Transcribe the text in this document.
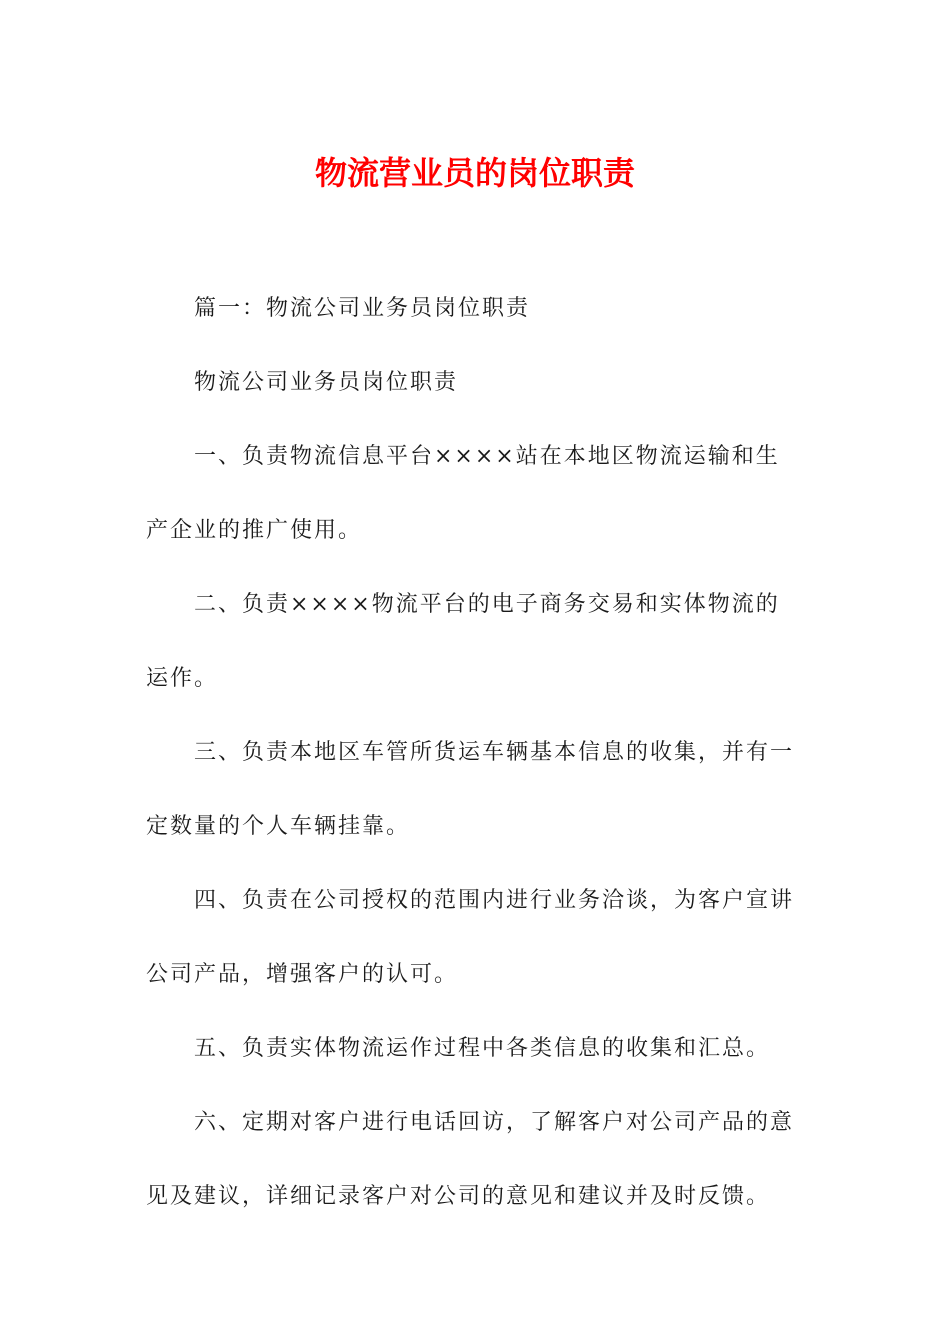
物流营业员的岗位职责

篇一：物流公司业务员岗位职责

物流公司业务员岗位职责

一、负责物流信息平台××××站在本地区物流运输和生产企业的推广使用。

二、负责××××物流平台的电子商务交易和实体物流的运作。

三、负责本地区车管所货运车辆基本信息的收集，并有一定数量的个人车辆挂靠。

四、负责在公司授权的范围内进行业务洽谈，为客户宣讲公司产品，增强客户的认可。

五、负责实体物流运作过程中各类信息的收集和汇总。

六、定期对客户进行电话回访，了解客户对公司产品的意见及建议，详细记录客户对公司的意见和建议并及时反馈。
